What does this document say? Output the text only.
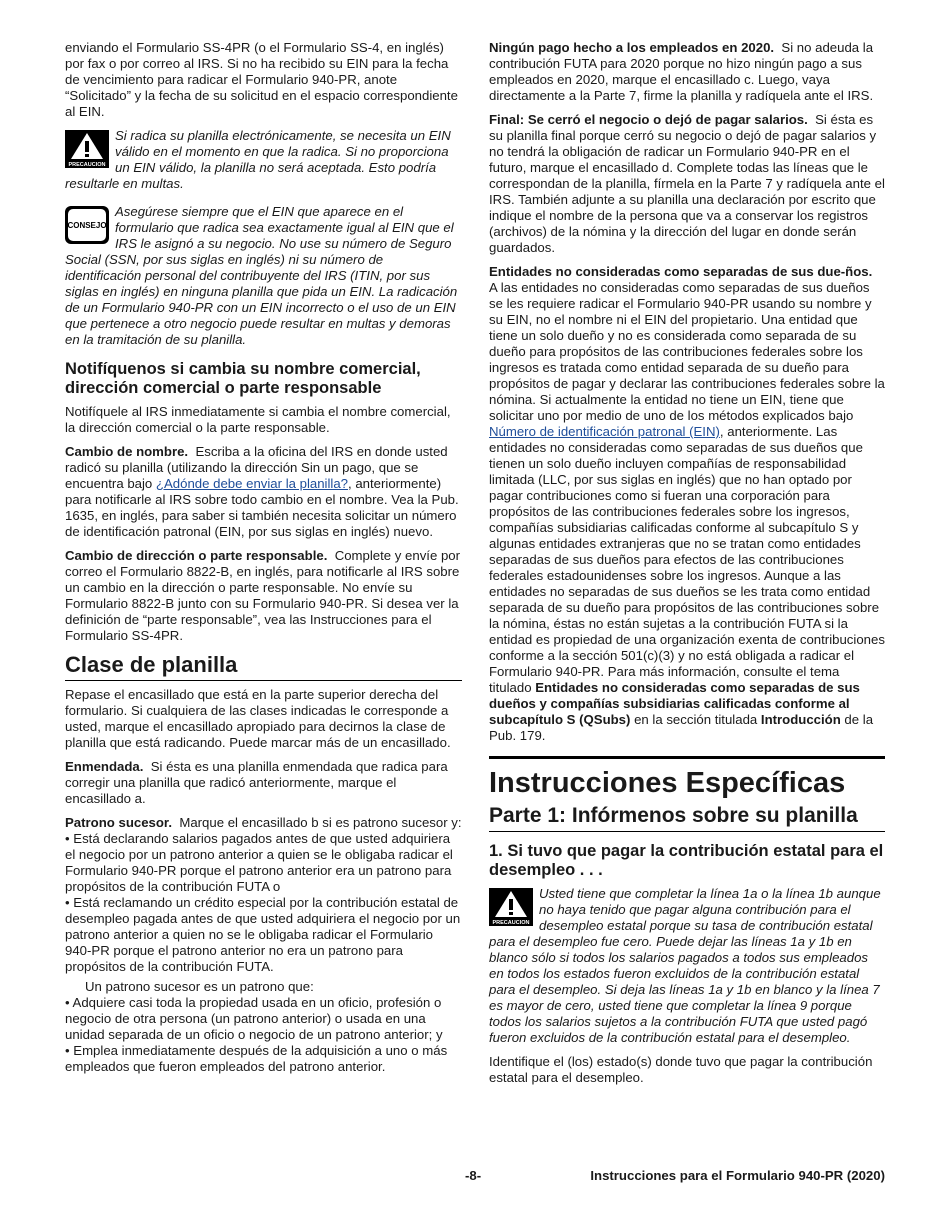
enviando el Formulario SS-4PR (o el Formulario SS-4, en inglés) por fax o por correo al IRS. Si no ha recibido su EIN para la fecha de vencimiento para radicar el Formulario 940-PR, anote “Solicitado” y la fecha de su solicitud en el espacio correspondiente al EIN.

PRECAUCION
Si radica su planilla electrónicamente, se necesita un EIN válido en el momento en que la radica. Si no proporciona un EIN válido, la planilla no será aceptada. Esto podría resultarle en multas.
CONSEJO
Asegúrese siempre que el EIN que aparece en el formulario que radica sea exactamente igual al EIN que el IRS le asignó a su negocio. No use su número de Seguro Social (SSN, por sus siglas en inglés) ni su número de identificación personal del contribuyente del IRS (ITIN, por sus siglas en inglés) en ninguna planilla que pida un EIN. La radicación de un Formulario 940-PR con un EIN incorrecto o el uso de un EIN que pertenece a otro negocio puede resultar en multas y demoras en la tramitación de su planilla.
Notifíquenos si cambia su nombre comercial, dirección comercial o parte responsable

Notifíquele al IRS inmediatamente si cambia el nombre comercial, la dirección comercial o la parte responsable.

Cambio de nombre. Escriba a la oficina del IRS en donde usted radicó su planilla (utilizando la dirección Sin un pago, que se encuentra bajo ¿Adónde debe enviar la planilla?, anteriormente) para notificarle al IRS sobre todo cambio en el nombre. Vea la Pub. 1635, en inglés, para saber si también necesita solicitar un número de identificación patronal (EIN, por sus siglas en inglés) nuevo.

Cambio de dirección o parte responsable. Complete y envíe por correo el Formulario 8822-B, en inglés, para notificarle al IRS sobre un cambio en la dirección o parte responsable. No envíe su Formulario 8822-B junto con su Formulario 940-PR. Si desea ver la definición de “parte responsable”, vea las Instrucciones para el Formulario SS-4PR.

Clase de planilla

Repase el encasillado que está en la parte superior derecha del formulario. Si cualquiera de las clases indicadas le corresponde a usted, marque el encasillado apropiado para decirnos la clase de planilla que está radicando. Puede marcar más de un encasillado.

Enmendada. Si ésta es una planilla enmendada que radica para corregir una planilla que radicó anteriormente, marque el encasillado a.

Patrono sucesor. Marque el encasillado b si es patrono sucesor y:

• Está declarando salarios pagados antes de que usted adquiriera el negocio por un patrono anterior a quien se le obligaba radicar el Formulario 940-PR porque el patrono anterior era un patrono para propósitos de la contribución FUTA o

• Está reclamando un crédito especial por la contribución estatal de desempleo pagada antes de que usted adquiriera el negocio por un patrono anterior a quien no se le obligaba radicar el Formulario 940-PR porque el patrono anterior no era un patrono para propósitos de la contribución FUTA.

Un patrono sucesor es un patrono que:

• Adquiere casi toda la propiedad usada en un oficio, profesión o negocio de otra persona (un patrono anterior) o usada en una unidad separada de un oficio o negocio de un patrono anterior; y

• Emplea inmediatamente después de la adquisición a uno o más empleados que fueron empleados del patrono anterior.

Ningún pago hecho a los empleados en 2020. Si no adeuda la contribución FUTA para 2020 porque no hizo ningún pago a sus empleados en 2020, marque el encasillado c. Luego, vaya directamente a la Parte 7, firme la planilla y radíquela ante el IRS.

Final: Se cerró el negocio o dejó de pagar salarios. Si ésta es su planilla final porque cerró su negocio o dejó de pagar salarios y no tendrá la obligación de radicar un Formulario 940-PR en el futuro, marque el encasillado d. Complete todas las líneas que le correspondan de la planilla, fírmela en la Parte 7 y radíquela ante el IRS. También adjunte a su planilla una declaración por escrito que indique el nombre de la persona que va a conservar los registros (archivos) de la nómina y la dirección del lugar en donde serán guardados.

Entidades no consideradas como separadas de sus due-ños.  A las entidades no consideradas como separadas de sus dueños se les requiere radicar el Formulario 940-PR usando su nombre y su EIN, no el nombre ni el EIN del propietario. Una entidad que tiene un solo dueño y no es considerada como separada de su dueño para propósitos de las contribuciones federales sobre los ingresos es tratada como entidad separada de su dueño para propósitos de pagar y declarar las contribuciones federales sobre la nómina. Si actualmente la entidad no tiene un EIN, tiene que solicitar uno por medio de uno de los métodos explicados bajo Número de identificación patronal (EIN), anteriormente. Las entidades no consideradas como separadas de sus dueños que tienen un solo dueño incluyen compañías de responsabilidad limitada (LLC, por sus siglas en inglés) que no han optado por pagar contribuciones como si fueran una corporación para propósitos de las contribuciones federales sobre los ingresos, compañías subsidiarias calificadas conforme al subcapítulo S y algunas entidades extranjeras que no se tratan como entidades separadas de sus dueños para efectos de las contribuciones federales estadounidenses sobre los ingresos. Aunque a las entidades no separadas de sus dueños se les trata como entidad separada de su dueño para propósitos de las contribuciones sobre la nómina, éstas no están sujetas a la contribución FUTA si la entidad es propiedad de una organización exenta de contribuciones conforme a la sección 501(c)(3) y no está obligada a radicar el Formulario 940-PR. Para más información, consulte el tema titulado Entidades no consideradas como separadas de sus dueños y compañías subsidiarias calificadas conforme al subcapítulo S (QSubs) en la sección titulada Introducción de la Pub. 179.

Instrucciones Específicas
Parte 1: Infórmenos sobre su planilla
1. Si tuvo que pagar la contribución estatal para el desempleo . . .
PRECAUCION
Usted tiene que completar la línea 1a o la línea 1b aunque no haya tenido que pagar alguna contribución para el desempleo estatal porque su tasa de contribución estatal para el desempleo fue cero. Puede dejar las líneas 1a y 1b en blanco sólo si todos los salarios pagados a todos sus empleados en todos los estados fueron excluidos de la contribución estatal para el desempleo. Si deja las líneas 1a y 1b en blanco y la línea 7 es mayor de cero, usted tiene que completar la línea 9 porque todos los salarios sujetos a la contribución FUTA que usted pagó fueron excluidos de la contribución estatal para el desempleo.

Identifique el (los) estado(s) donde tuvo que pagar la contribución estatal para el desempleo.

-8-	Instrucciones para el Formulario 940-PR (2020)
